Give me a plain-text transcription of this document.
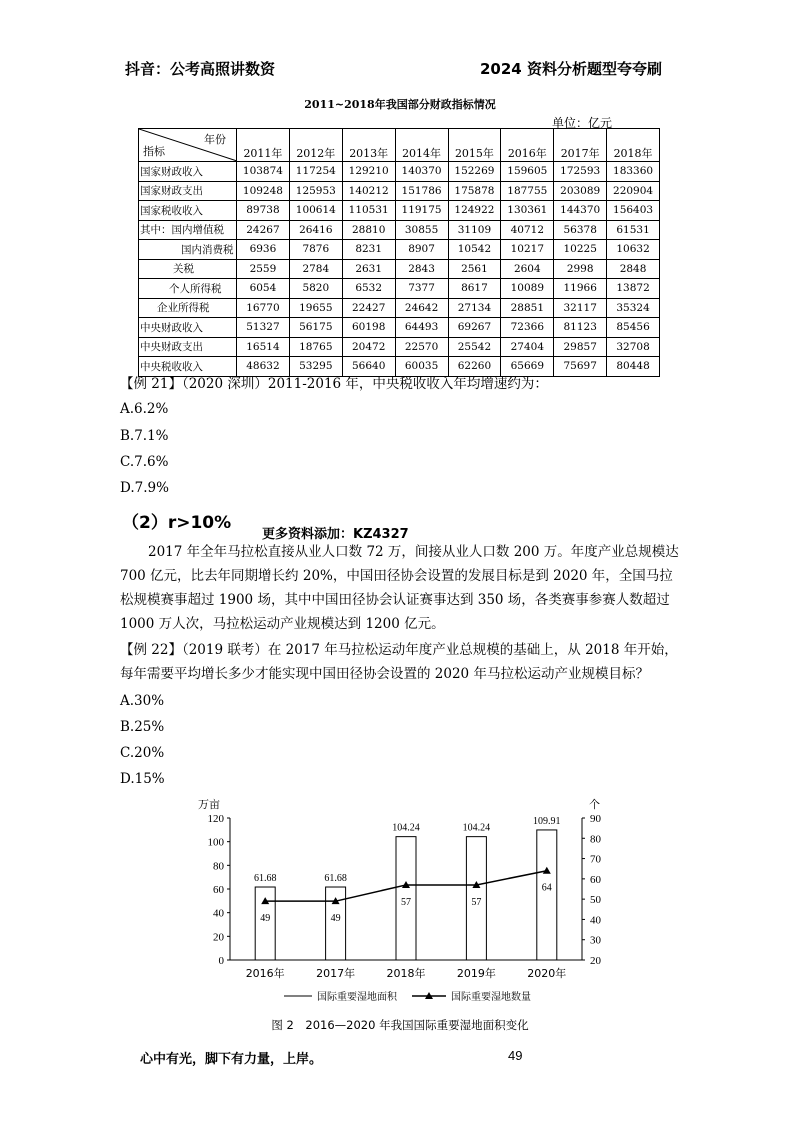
抖音：公考高照讲数资	2024 资料分析题型夸夸刷
2011~2018年我国部分财政指标情况
单位：亿元
年份
指标	2011年	2012年	2013年	2014年	2015年	2016年	2017年	2018年
国家财政收入	103874	117254	129210	140370	152269	159605	172593	183360
国家财政支出	109248	125953	140212	151786	175878	187755	203089	220904
国家税收收入	89738	100614	110531	119175	124922	130361	144370	156403
其中：国内增值税	24267	26416	28810	30855	31109	40712	56378	61531
国内消费税	6936	7876	8231	8907	10542	10217	10225	10632
关税	2559	2784	2631	2843	2561	2604	2998	2848
个人所得税	6054	5820	6532	7377	8617	10089	11966	13872
企业所得税	16770	19655	22427	24642	27134	28851	32117	35324
中央财政收入	51327	56175	60198	64493	69267	72366	81123	85456
中央财政支出	16514	18765	20472	22570	25542	27404	29857	32708
中央税收收入	48632	53295	56640	60035	62260	65669	75697	80448
【例 21】（2020 深圳）2011-2016 年，中央税收收入年均增速约为：
A.6.2%
B.7.1%
C.7.6%
D.7.9%
（2）r>10%
更多资料添加：KZ4327
2017 年全年马拉松直接从业人口数 72 万，间接从业人口数 200 万。年度产业总规模达 700 亿元，比去年同期增长约 20%，中国田径协会设置的发展目标是到 2020 年，全国马拉松规模赛事超过 1900 场，其中中国田径协会认证赛事达到 350 场，各类赛事参赛人数超过 1000 万人次，马拉松运动产业规模达到 1200 亿元。
【例 22】（2019 联考）在 2017 年马拉松运动年度产业总规模的基础上，从 2018 年开始，每年需要平均增长多少才能实现中国田径协会设置的 2020 年马拉松运动产业规模目标？
A.30%
B.25%
C.20%
D.15%
万亩	个
0
20
40
60
80
100
120
20
30
40
50
60
70
80
90
61.68	61.68
104.24	104.24
109.91
49	49
57	57
64
2016年	2017年	2018年	2019年	2020年
国际重要湿地面积	国际重要湿地数量
图 2　2016—2020 年我国国际重要湿地面积变化
心中有光，脚下有力量，上岸。	49
